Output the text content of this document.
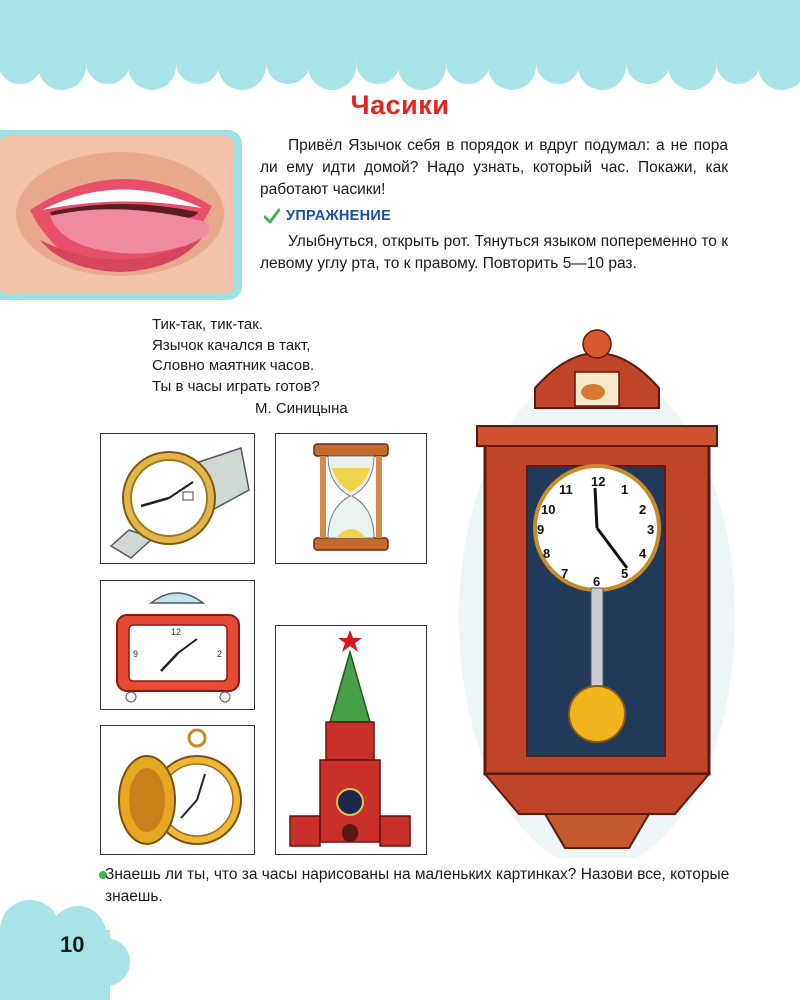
Часики

Привёл Язычок себя в порядок и вдруг подумал: а не пора ли ему идти домой? Надо узнать, который час. Покажи, как работают часики!

УПРАЖНЕНИЕ

Улыбнуться, открыть рот. Тянуться языком попеременно то к левому углу рта, то к правому. Повторить 5—10 раз.

Тик-так, тик-так.
Язычок качался в такт,
Словно маятник часов.
Ты в часы играть готов?
М. Синицына
12
9	2
12
1
2
3
4
5
6
7
8
9
10
11

Знаешь ли ты, что за часы нарисованы на маленьких картинках? Назови все, которые знаешь.

10
